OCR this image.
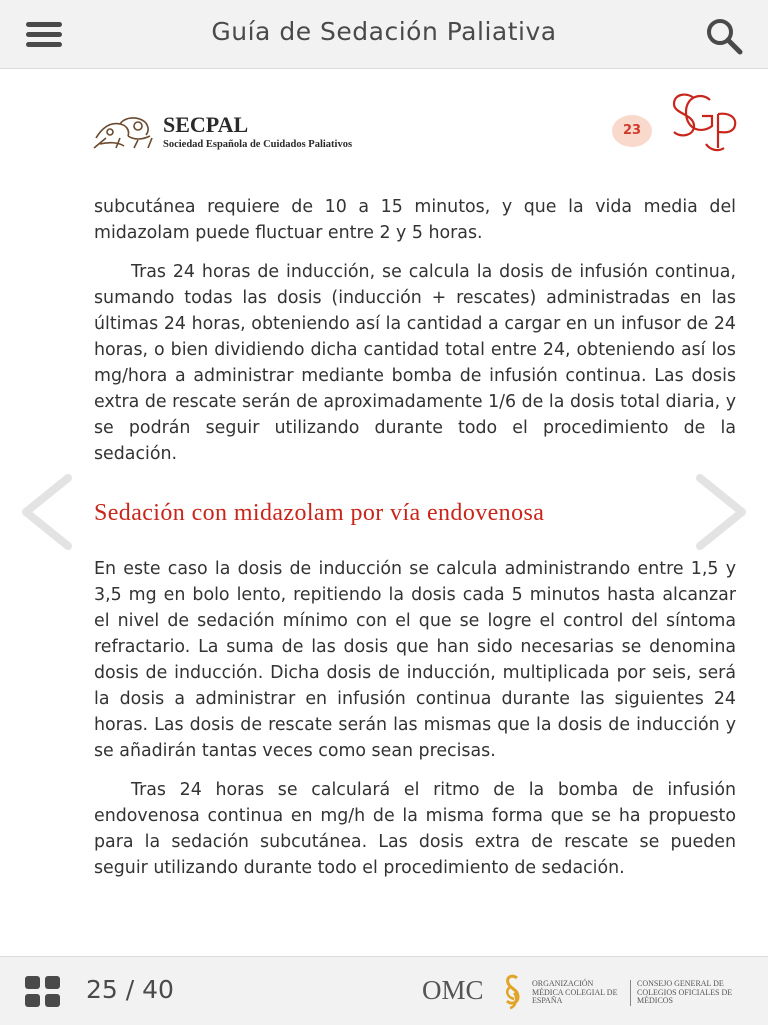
Guía de Sedación Paliativa
SECPAL
Sociedad Española de Cuidados Paliativos
23

subcutánea requiere de 10 a 15 minutos, y que la vida media del midazolam puede fluctuar entre 2 y 5 horas.

Tras 24 horas de inducción, se calcula la dosis de infusión continua, sumando todas las dosis (inducción + rescates) administradas en las últimas 24 horas, obteniendo así la cantidad a cargar en un infusor de 24 horas, o bien dividiendo dicha cantidad total entre 24, obteniendo así los mg/hora a administrar mediante bomba de infusión continua. Las dosis extra de rescate serán de aproximadamente 1/6 de la dosis total diaria, y se podrán seguir utilizando durante todo el procedimiento de la sedación.

Sedación con midazolam por vía endovenosa

En este caso la dosis de inducción se calcula administrando entre 1,5 y 3,5 mg en bolo lento, repitiendo la dosis cada 5 minutos hasta alcanzar el nivel de sedación mínimo con el que se logre el control del síntoma refractario. La suma de las dosis que han sido necesarias se denomina dosis de inducción. Dicha dosis de inducción, multiplicada por seis, será la dosis a administrar en infusión continua durante las siguientes 24 horas. Las dosis de rescate serán las mismas que la dosis de inducción y se añadirán tantas veces como sean precisas.

Tras 24 horas se calculará el ritmo de la bomba de infusión endovenosa continua en mg/h de la misma forma que se ha propuesto para la sedación subcutánea. Las dosis extra de rescate se pueden seguir utilizando durante todo el procedimiento de sedación.

25 / 40	OMC	ORGANIZACIÓN MÉDICA COLEGIAL DE ESPAÑA
CONSEJO GENERAL DE COLEGIOS OFICIALES DE MÉDICOS
